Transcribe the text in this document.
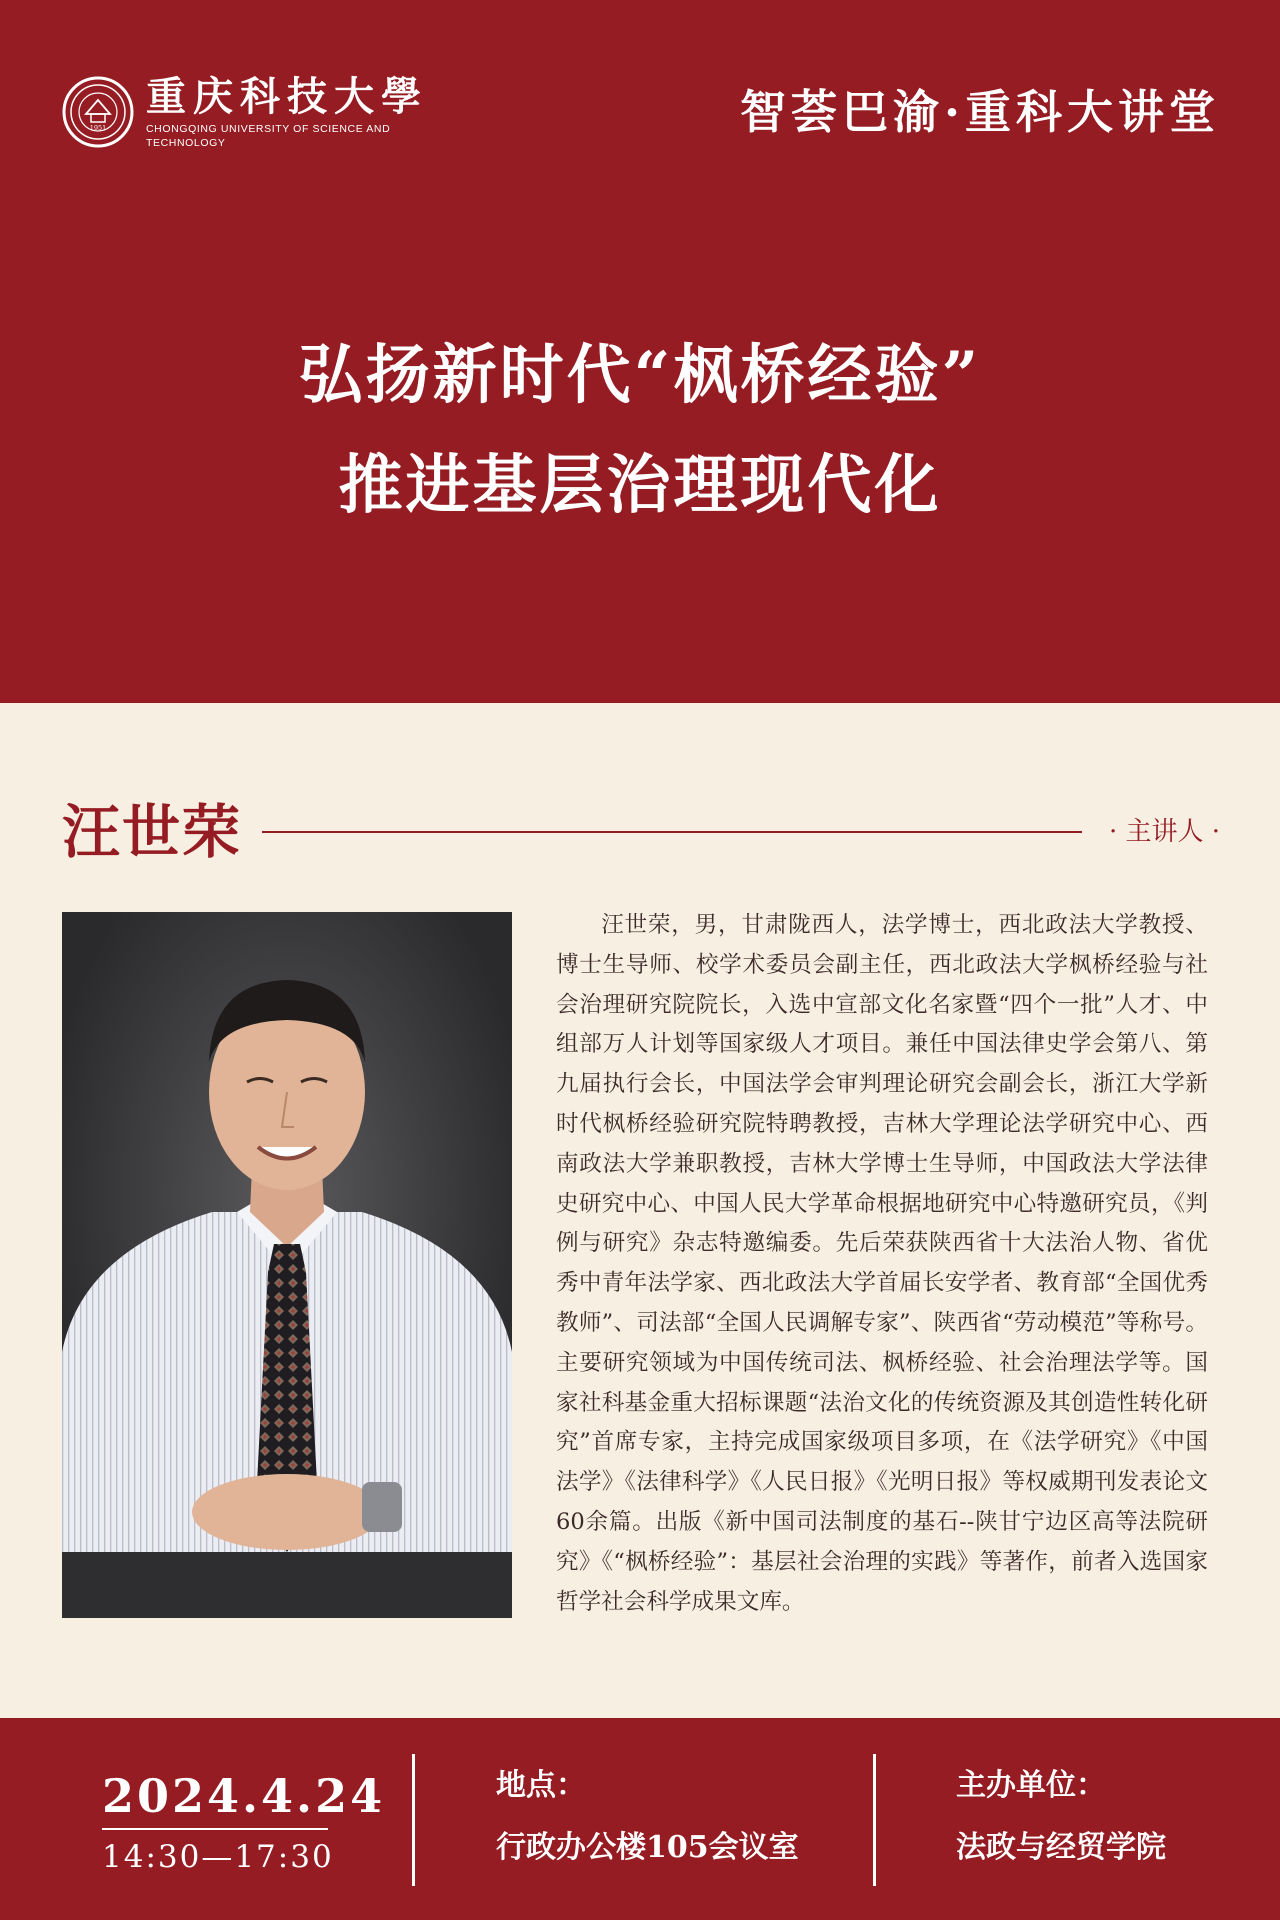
1951
重庆科技大學
CHONGQING UNIVERSITY OF SCIENCE AND TECHNOLOGY
智荟巴渝·重科大讲堂
弘扬新时代“枫桥经验”
推进基层治理现代化
汪世荣	· 主讲人 ·

汪世荣，男，甘肃陇西人，法学博士，西北政法大学教授、博士生导师、校学术委员会副主任，西北政法大学枫桥经验与社会治理研究院院长，入选中宣部文化名家暨“四个一批”人才、中组部万人计划等国家级人才项目。兼任中国法律史学会第八、第九届执行会长，中国法学会审判理论研究会副会长，浙江大学新时代枫桥经验研究院特聘教授，吉林大学理论法学研究中心、西南政法大学兼职教授，吉林大学博士生导师，中国政法大学法律史研究中心、中国人民大学革命根据地研究中心特邀研究员，《判例与研究》杂志特邀编委。先后荣获陕西省十大法治人物、省优秀中青年法学家、西北政法大学首届长安学者、教育部“全国优秀教师”、司法部“全国人民调解专家”、陕西省“劳动模范”等称号。主要研究领域为中国传统司法、枫桥经验、社会治理法学等。国家社科基金重大招标课题“法治文化的传统资源及其创造性转化研究”首席专家，主持完成国家级项目多项，在《法学研究》《中国法学》《法律科学》《人民日报》《光明日报》等权威期刊发表论文60余篇。出版《新中国司法制度的基石--陕甘宁边区高等法院研究》《“枫桥经验”：基层社会治理的实践》等著作，前者入选国家哲学社会科学成果文库。

2024.4.24
14:30—17:30
地点：
行政办公楼105会议室
主办单位：
法政与经贸学院
